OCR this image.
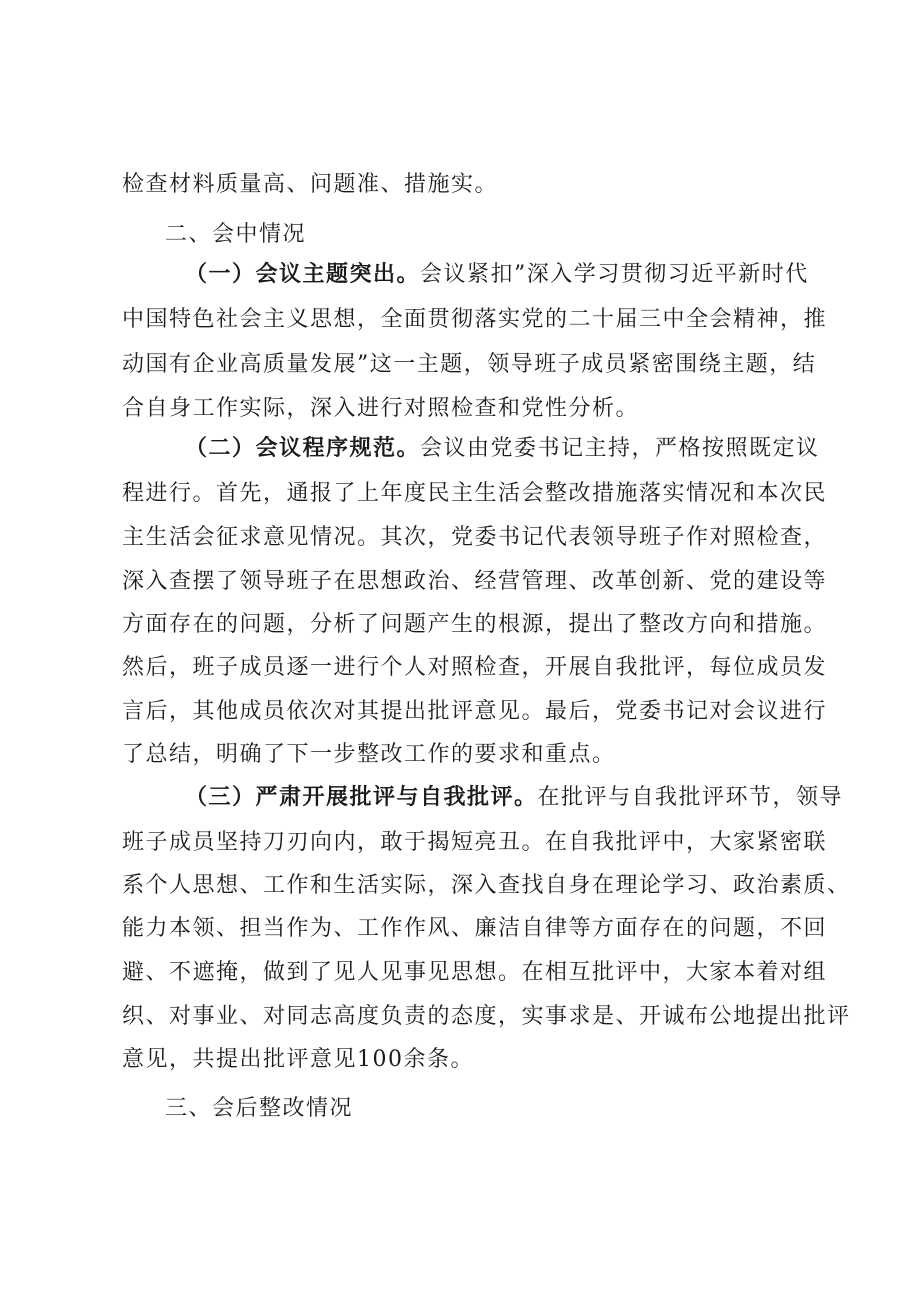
检查材料质量高、问题准、措施实。
二、会中情况
（一）会议主题突出。会议紧扣”深入学习贯彻习近平新时代
中国特色社会主义思想，全面贯彻落实党的二十届三中全会精神，推
动国有企业高质量发展”这一主题，领导班子成员紧密围绕主题，结
合自身工作实际，深入进行对照检查和党性分析。
（二）会议程序规范。会议由党委书记主持，严格按照既定议
程进行。首先，通报了上年度民主生活会整改措施落实情况和本次民
主生活会征求意见情况。其次，党委书记代表领导班子作对照检查，
深入查摆了领导班子在思想政治、经营管理、改革创新、党的建设等
方面存在的问题，分析了问题产生的根源，提出了整改方向和措施。
然后，班子成员逐一进行个人对照检查，开展自我批评，每位成员发
言后，其他成员依次对其提出批评意见。最后，党委书记对会议进行
了总结，明确了下一步整改工作的要求和重点。
（三）严肃开展批评与自我批评。在批评与自我批评环节，领导
班子成员坚持刀刃向内，敢于揭短亮丑。在自我批评中，大家紧密联
系个人思想、工作和生活实际，深入查找自身在理论学习、政治素质、
能力本领、担当作为、工作作风、廉洁自律等方面存在的问题，不回
避、不遮掩，做到了见人见事见思想。在相互批评中，大家本着对组
织、对事业、对同志高度负责的态度，实事求是、开诚布公地提出批评
意见，共提出批评意见100余条。
三、会后整改情况
